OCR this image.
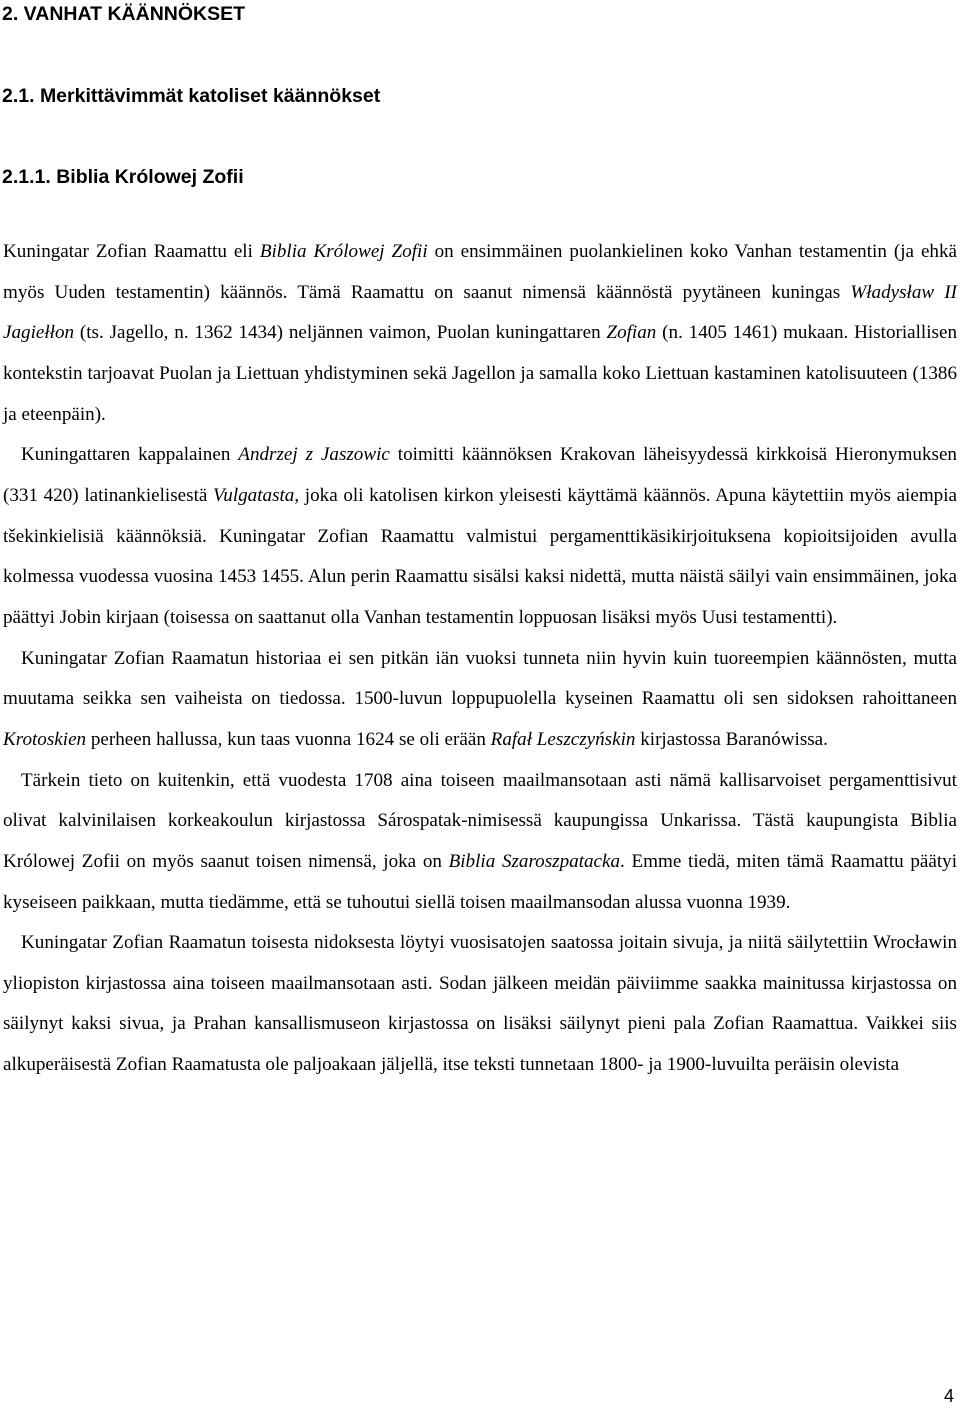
2. VANHAT KÄÄNNÖKSET
2.1. Merkittävimmät katoliset käännökset
2.1.1. Biblia Królowej Zofii

Kuningatar Zofian Raamattu eli Biblia Królowej Zofii on ensimmäinen puolankielinen koko Vanhan testamentin (ja ehkä myös Uuden testamentin) käännös. Tämä Raamattu on saanut nimensä käännöstä pyytäneen kuningas Władysław II Jagiełłon (ts. Jagello, n. 1362 1434) neljännen vaimon, Puolan kuningattaren Zofian (n. 1405 1461) mukaan. Historiallisen kontekstin tarjoavat Puolan ja Liettuan yhdistyminen sekä Jagellon ja samalla koko Liettuan kastaminen katolisuuteen (1386 ja eteenpäin).

Kuningattaren kappalainen Andrzej z Jaszowic toimitti käännöksen Krakovan läheisyydessä kirkkoisä Hieronymuksen (331 420) latinankielisestä Vulgatasta, joka oli katolisen kirkon yleisesti käyttämä käännös. Apuna käytettiin myös aiempia tšekinkielisiä käännöksiä. Kuningatar Zofian Raamattu valmistui pergamenttikäsikirjoituksena kopioitsijoiden avulla kolmessa vuodessa vuosina 1453 1455. Alun perin Raamattu sisälsi kaksi nidettä, mutta näistä säilyi vain ensimmäinen, joka päättyi Jobin kirjaan (toisessa on saattanut olla Vanhan testamentin loppuosan lisäksi myös Uusi testamentti).

Kuningatar Zofian Raamatun historiaa ei sen pitkän iän vuoksi tunneta niin hyvin kuin tuoreempien käännösten, mutta muutama seikka sen vaiheista on tiedossa. 1500-luvun loppupuolella kyseinen Raamattu oli sen sidoksen rahoittaneen Krotoskien perheen hallussa, kun taas vuonna 1624 se oli erään Rafał Leszczyńskin kirjastossa Baranówissa.

Tärkein tieto on kuitenkin, että vuodesta 1708 aina toiseen maailmansotaan asti nämä kallisarvoiset pergamenttisivut olivat kalvinilaisen korkeakoulun kirjastossa Sárospatak-nimisessä kaupungissa Unkarissa. Tästä kaupungista Biblia Królowej Zofii on myös saanut toisen nimensä, joka on Biblia Szaroszpatacka. Emme tiedä, miten tämä Raamattu päätyi kyseiseen paikkaan, mutta tiedämme, että se tuhoutui siellä toisen maailmansodan alussa vuonna 1939.

Kuningatar Zofian Raamatun toisesta nidoksesta löytyi vuosisatojen saatossa joitain sivuja, ja niitä säilytettiin Wrocławin yliopiston kirjastossa aina toiseen maailmansotaan asti. Sodan jälkeen meidän päiviimme saakka mainitussa kirjastossa on säilynyt kaksi sivua, ja Prahan kansallismuseon kirjastossa on lisäksi säilynyt pieni pala Zofian Raamattua. Vaikkei siis alkuperäisestä Zofian Raamatusta ole paljoakaan jäljellä, itse teksti tunnetaan 1800- ja 1900-luvuilta peräisin olevista

4
